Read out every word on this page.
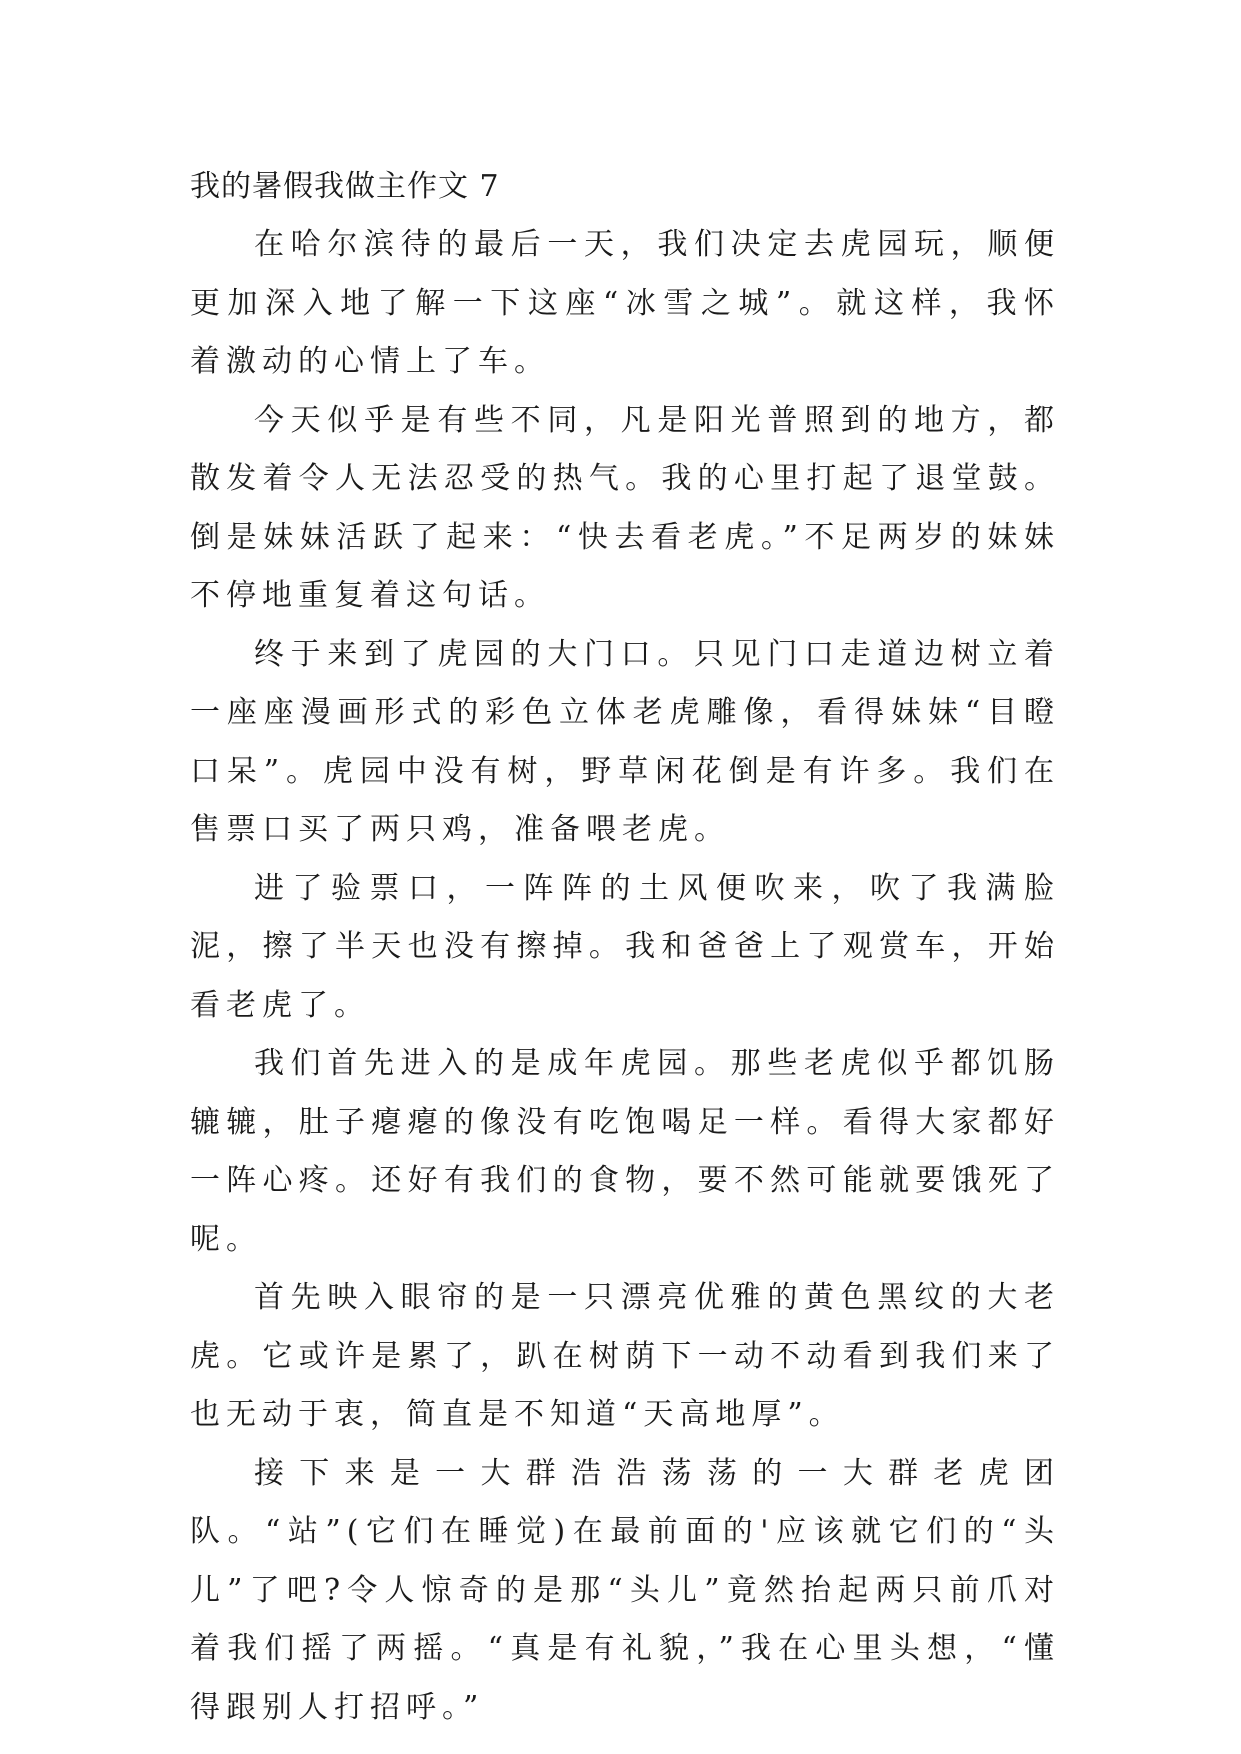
我的暑假我做主作文 7

在哈尔滨待的最后一天，我们决定去虎园玩，顺便更加深入地了解一下这座“冰雪之城”。就这样，我怀着激动的心情上了车。

今天似乎是有些不同，凡是阳光普照到的地方，都散发着令人无法忍受的热气。我的心里打起了退堂鼓。倒是妹妹活跃了起来：“快去看老虎。”不足两岁的妹妹不停地重复着这句话。

终于来到了虎园的大门口。只见门口走道边树立着一座座漫画形式的彩色立体老虎雕像，看得妹妹“目瞪口呆”。虎园中没有树，野草闲花倒是有许多。我们在售票口买了两只鸡，准备喂老虎。

进了验票口，一阵阵的土风便吹来，吹了我满脸泥，擦了半天也没有擦掉。我和爸爸上了观赏车，开始看老虎了。

我们首先进入的是成年虎园。那些老虎似乎都饥肠辘辘，肚子瘪瘪的像没有吃饱喝足一样。看得大家都好一阵心疼。还好有我们的食物，要不然可能就要饿死了呢。

首先映入眼帘的是一只漂亮优雅的黄色黑纹的大老虎。它或许是累了，趴在树荫下一动不动看到我们来了也无动于衷，简直是不知道“天高地厚”。

接下来是一大群浩浩荡荡的一大群老虎团队。“站”(它们在睡觉)在最前面的'应该就它们的“头儿”了吧?令人惊奇的是那“头儿”竟然抬起两只前爪对着我们摇了两摇。“真是有礼貌，”我在心里头想，“懂得跟别人打招呼。”
